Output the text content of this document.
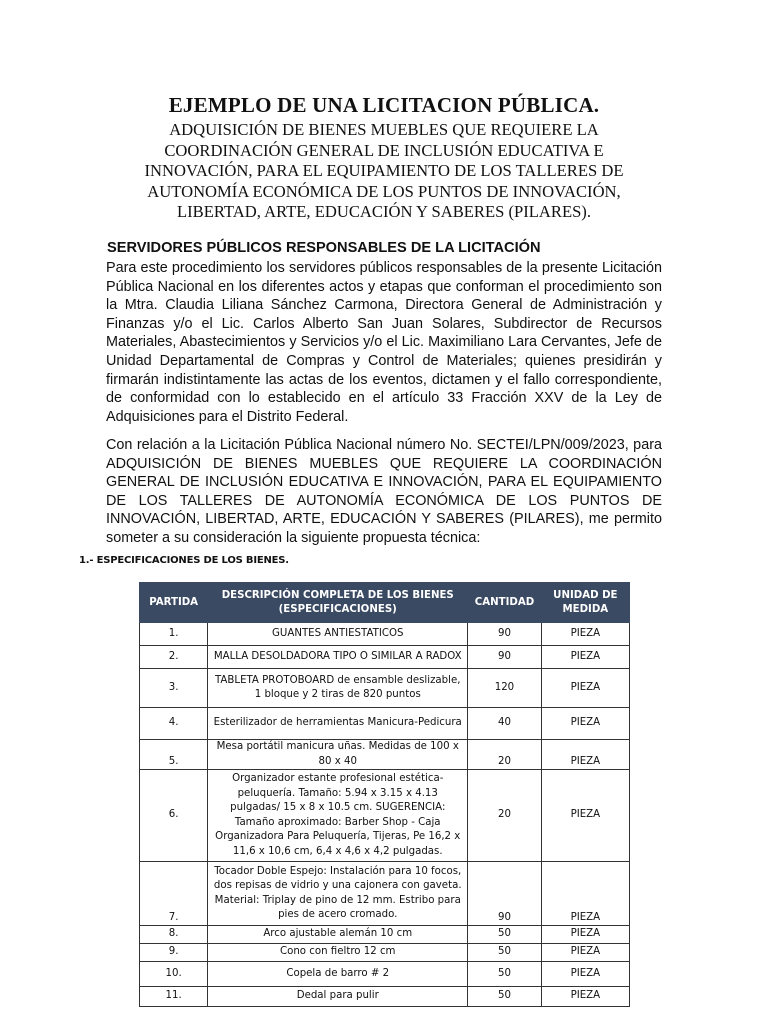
EJEMPLO DE UNA LICITACION PÚBLICA.
ADQUISICIÓN DE BIENES MUEBLES QUE REQUIERE LA COORDINACIÓN GENERAL DE INCLUSIÓN EDUCATIVA E INNOVACIÓN, PARA EL EQUIPAMIENTO DE LOS TALLERES DE AUTONOMÍA ECONÓMICA DE LOS PUNTOS DE INNOVACIÓN, LIBERTAD, ARTE, EDUCACIÓN Y SABERES (PILARES).
SERVIDORES PÚBLICOS RESPONSABLES DE LA LICITACIÓN
Para este procedimiento los servidores públicos responsables de la presente Licitación Pública Nacional en los diferentes actos y etapas que conforman el procedimiento son la Mtra. Claudia Liliana Sánchez Carmona, Directora General de Administración y Finanzas y/o el Lic. Carlos Alberto San Juan Solares, Subdirector de Recursos Materiales, Abastecimientos y Servicios y/o el Lic. Maximiliano Lara Cervantes, Jefe de Unidad Departamental de Compras y Control de Materiales; quienes presidirán y firmarán indistintamente las actas de los eventos, dictamen y el fallo correspondiente, de conformidad con lo establecido en el artículo 33 Fracción XXV de la Ley de Adquisiciones para el Distrito Federal.
Con relación a la Licitación Pública Nacional número No. SECTEI/LPN/009/2023, para ADQUISICIÓN DE BIENES MUEBLES QUE REQUIERE LA COORDINACIÓN GENERAL DE INCLUSIÓN EDUCATIVA E INNOVACIÓN, PARA EL EQUIPAMIENTO DE LOS TALLERES DE AUTONOMÍA ECONÓMICA DE LOS PUNTOS DE INNOVACIÓN, LIBERTAD, ARTE, EDUCACIÓN Y SABERES (PILARES), me permito someter a su consideración la siguiente propuesta técnica:
1.- ESPECIFICACIONES DE LOS BIENES.
PARTIDA	DESCRIPCIÓN COMPLETA DE LOS BIENES (ESPECIFICACIONES)	CANTIDAD	UNIDAD DE MEDIDA
1.	GUANTES ANTIESTATICOS	90	PIEZA
2.	MALLA DESOLDADORA TIPO O SIMILAR A RADOX	90	PIEZA
3.	TABLETA PROTOBOARD de ensamble deslizable, 1 bloque y 2 tiras de 820 puntos	120	PIEZA
4.	Esterilizador de herramientas Manicura-Pedicura	40	PIEZA
5.	Mesa portátil manicura uñas. Medidas de 100 x 80 x 40	20	PIEZA
6.	Organizador estante profesional estética-peluquería. Tamaño: 5.94 x 3.15 x 4.13 pulgadas/ 15 x 8 x 10.5 cm. SUGERENCIA: Tamaño aproximado: Barber Shop - Caja Organizadora Para Peluquería, Tijeras, Pe 16,2 x 11,6 x 10,6 cm, 6,4 x 4,6 x 4,2 pulgadas.	20	PIEZA
7.	Tocador Doble Espejo: Instalación para 10 focos, dos repisas de vidrio y una cajonera con gaveta. Material: Triplay de pino de 12 mm. Estribo para pies de acero cromado.	90	PIEZA
8.	Arco ajustable alemán 10 cm	50	PIEZA
9.	Cono con fieltro 12 cm	50	PIEZA
10.	Copela de barro # 2	50	PIEZA
11.	Dedal para pulir	50	PIEZA
